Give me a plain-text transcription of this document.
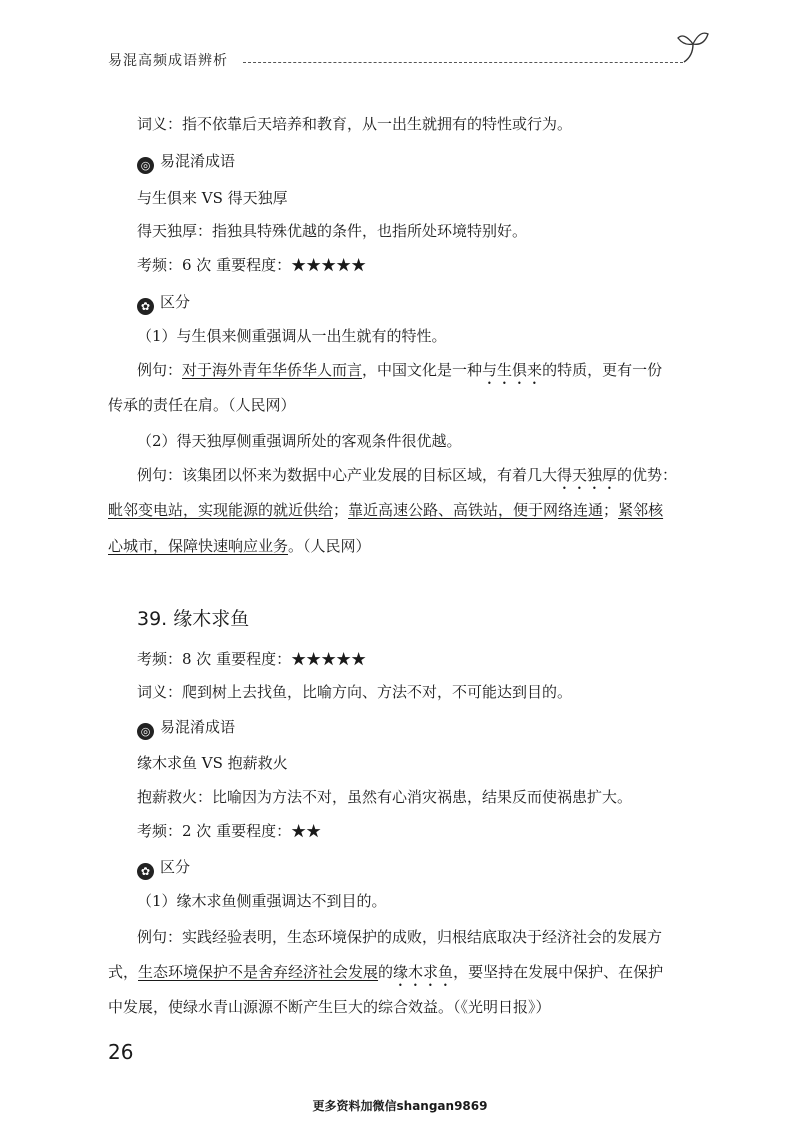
易混高频成语辨析
词义：指不依靠后天培养和教育，从一出生就拥有的特性或行为。
◎ 易混淆成语
与生俱来 VS 得天独厚
得天独厚：指独具特殊优越的条件，也指所处环境特别好。
考频：6 次 重要程度：★★★★★
✿ 区分
（1）与生俱来侧重强调从一出生就有的特性。
例句：对于海外青年华侨华人而言，中国文化是一种与生俱来的特质，更有一份
传承的责任在肩。（人民网）
（2）得天独厚侧重强调所处的客观条件很优越。
例句：该集团以怀来为数据中心产业发展的目标区域，有着几大得天独厚的优势：
毗邻变电站，实现能源的就近供给；靠近高速公路、高铁站，便于网络连通；紧邻核
心城市，保障快速响应业务。（人民网）
39. 缘木求鱼
考频：8 次 重要程度：★★★★★
词义：爬到树上去找鱼，比喻方向、方法不对，不可能达到目的。
◎ 易混淆成语
缘木求鱼 VS 抱薪救火
抱薪救火：比喻因为方法不对，虽然有心消灾祸患，结果反而使祸患扩大。
考频：2 次 重要程度：★★
✿ 区分
（1）缘木求鱼侧重强调达不到目的。
例句：实践经验表明，生态环境保护的成败，归根结底取决于经济社会的发展方
式，生态环境保护不是舍弃经济社会发展的缘木求鱼，要坚持在发展中保护、在保护
中发展，使绿水青山源源不断产生巨大的综合效益。（《光明日报》）
26
更多资料加微信shangan9869
